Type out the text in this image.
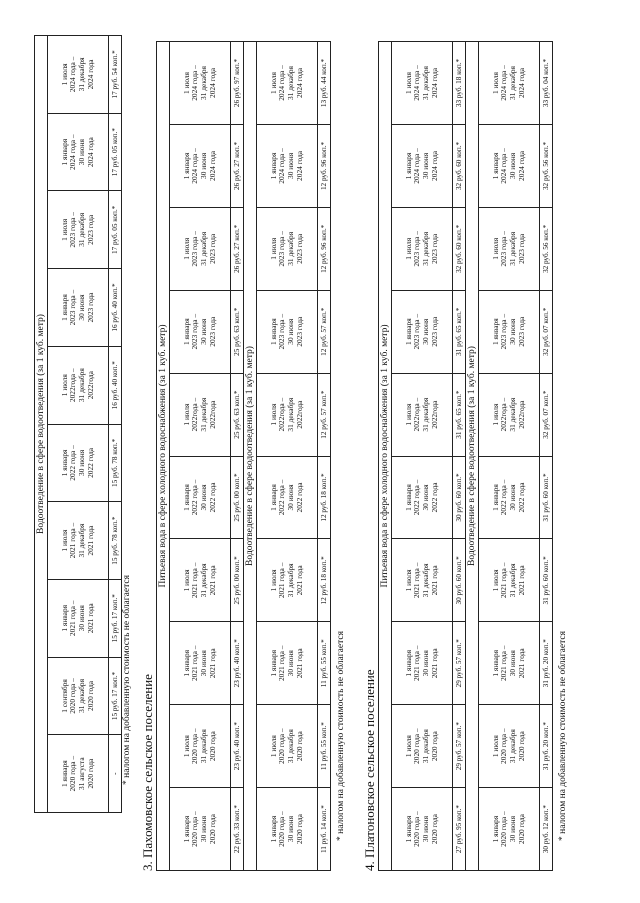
Водоотведение в сфере водоотведения (за 1 куб. метр)									
1 января
2020 года –
31 августа
2020 года	1 сентября
2020 года –
31 декабря
2020 года	1 января
2021 года –
30 июня
2021 года	1 июля
2021 года –
31 декабря
2021 года	1 января
2022 года –
30 июня
2022 года	1 июля
2022года –
31 декабря
2022года	1 января
2023 года –
30 июня
2023 года	1 июля
2023 года –
31 декабря
2023 года	1 января
2024 года –
30 июня
2024 года	1 июля
2024 года –
31 декабря
2024 года
-	15 руб. 17 коп.*	15 руб. 17 коп.*	15 руб. 78 коп.*	15 руб. 78 коп.*	16 руб. 40 коп.*	16 руб. 40 коп.*	17 руб. 05 коп.*	17 руб. 05 коп.*	17 руб. 54 коп.*
* налогом на добавленную стоимость не облагается 3. Пахомовское сельское поселение
Питьевая вода в сфере холодного водоснабжения (за 1 куб. метр)									
1 января
2020 года –
30 июня
2020 года	1 июля
2020 года –
31 декабря
2020 года	1 января
2021 года –
30 июня
2021 года	1 июля
2021 года –
31 декабря
2021 года	1 января
2022 года –
30 июня
2022 года	1 июля
2022года –
31 декабря
2022года	1 января
2023 года –
30 июня
2023 года	1 июля
2023 года –
31 декабря
2023 года	1 января
2024 года –
30 июня
2024 года	1 июля
2024 года –
31 декабря
2024 года
22 руб. 33 коп.*	23 руб. 40 коп.*	23 руб. 40 коп.*	25 руб. 00 коп.*	25 руб. 00 коп.*	25 руб. 63 коп.*	25 руб. 63 коп.*	26 руб. 27 коп.*	26 руб. 27 коп.*	26 руб. 97 коп.*
Водоотведение в сфере водоотведения (за 1 куб. метр)									
1 января
2020 года –
30 июня
2020 года	1 июля
2020 года –
31 декабря
2020 года	1 января
2021 года –
30 июня
2021 года	1 июля
2021 года –
31 декабря
2021 года	1 января
2022 года –
30 июня
2022 года	1 июля
2022года –
31 декабря
2022года	1 января
2023 года –
30 июня
2023 года	1 июля
2023 года –
31 декабря
2023 года	1 января
2024 года –
30 июня
2024 года	1 июля
2024 года –
31 декабря
2024 года
11 руб. 14 коп.*	11 руб. 55 коп.*	11 руб. 55 коп.*	12 руб. 18 коп.*	12 руб. 18 коп.*	12 руб. 57 коп.*	12 руб. 57 коп.*	12 руб. 96 коп.*	12 руб. 96 коп.*	13 руб. 44 коп.*
* налогом на добавленную стоимость не облагается 4. Платоновское сельское поселение
Питьевая вода в сфере холодного водоснабжения (за 1 куб. метр)									
1 января
2020 года –
30 июня
2020 года	1 июля
2020 года –
31 декабря
2020 года	1 января
2021 года –
30 июня
2021 года	1 июля
2021 года –
31 декабря
2021 года	1 января
2022 года –
30 июня
2022 года	1 июля
2022года –
31 декабря
2022года	1 января
2023 года –
30 июня
2023 года	1 июля
2023 года –
31 декабря
2023 года	1 января
2024 года –
30 июня
2024 года	1 июля
2024 года –
31 декабря
2024 года
27 руб. 95 коп.*	29 руб. 57 коп.*	29 руб. 57 коп.*	30 руб. 60 коп.*	30 руб. 60 коп.*	31 руб. 65 коп.*	31 руб. 65 коп.*	32 руб. 60 коп.*	32 руб. 60 коп.*	33 руб. 18 коп.*
Водоотведение в сфере водоотведения (за 1 куб. метр)									
1 января
2020 года –
30 июня
2020 года	1 июля
2020 года –
31 декабря
2020 года	1 января
2021 года –
30 июня
2021 года	1 июля
2021 года –
31 декабря
2021 года	1 января
2022 года –
30 июня
2022 года	1 июля
2022года –
31 декабря
2022года	1 января
2023 года –
30 июня
2023 года	1 июля
2023 года –
31 декабря
2023 года	1 января
2024 года –
30 июня
2024 года	1 июля
2024 года –
31 декабря
2024 года
30 руб. 12 коп.*	31 руб. 20 коп.*	31 руб. 20 коп.*	31 руб. 60 коп.*	31 руб. 60 коп.*	32 руб. 07 коп.*	32 руб. 07 коп.*	32 руб. 56 коп.*	32 руб. 56 коп.*	33 руб. 04 коп.*
* налогом на добавленную стоимость не облагается
